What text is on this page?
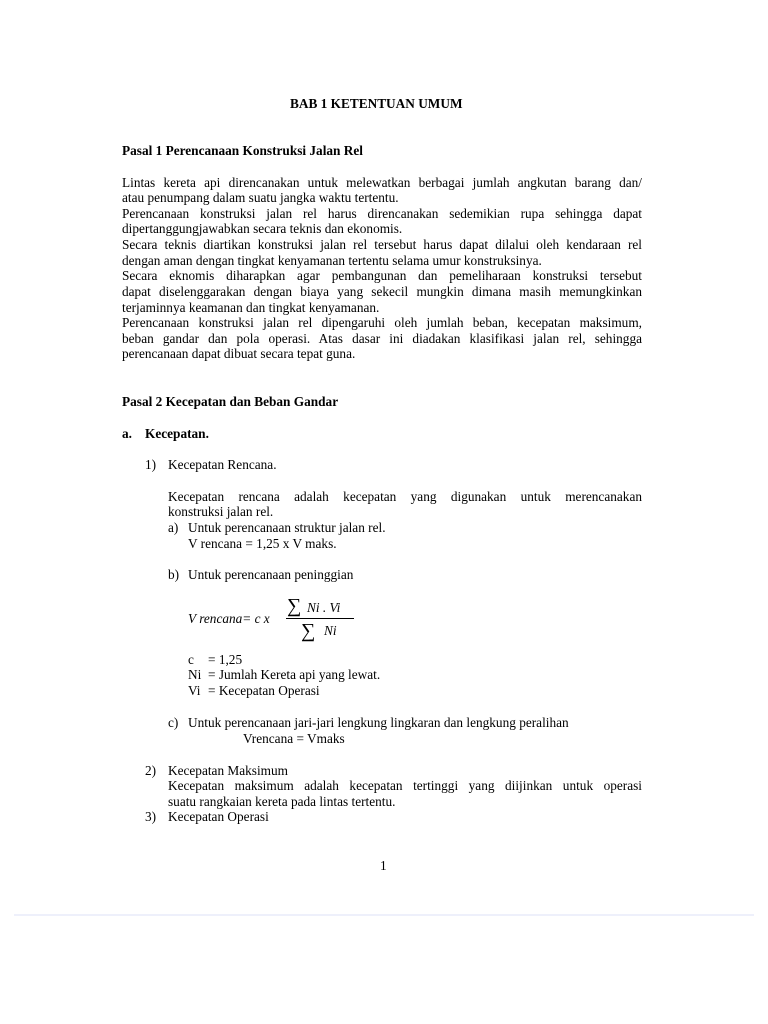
BAB 1 KETENTUAN UMUM
Pasal 1 Perencanaan Konstruksi Jalan Rel
Lintas kereta api direncanakan untuk melewatkan berbagai jumlah angkutan barang dan/
atau penumpang dalam suatu jangka waktu tertentu.
Perencanaan konstruksi jalan rel harus direncanakan sedemikian rupa sehingga dapat
dipertanggungjawabkan secara teknis dan ekonomis.
Secara teknis diartikan konstruksi jalan rel tersebut harus dapat dilalui oleh kendaraan rel
dengan aman dengan tingkat kenyamanan tertentu selama umur konstruksinya.
Secara eknomis diharapkan agar pembangunan dan pemeliharaan konstruksi tersebut
dapat diselenggarakan dengan biaya yang sekecil mungkin dimana masih memungkinkan
terjaminnya keamanan dan tingkat kenyamanan.
Perencanaan konstruksi jalan rel dipengaruhi oleh jumlah beban, kecepatan maksimum,
beban gandar dan pola operasi. Atas dasar ini diadakan klasifikasi jalan rel, sehingga
perencanaan dapat dibuat secara tepat guna.
Pasal 2 Kecepatan dan Beban Gandar
a. Kecepatan.
1) Kecepatan Rencana.
Kecepatan rencana adalah kecepatan yang digunakan untuk merencanakan
konstruksi jalan rel.
a) Untuk perencanaan struktur jalan rel.
V rencana = 1,25 x V maks.
b) Untuk perencanaan peninggian
V rencana= c x
∑ Ni . Vi
∑ Ni
c = 1,25
Ni = Jumlah Kereta api yang lewat.
Vi = Kecepatan Operasi
c) Untuk perencanaan jari-jari lengkung lingkaran dan lengkung peralihan
Vrencana = Vmaks
2) Kecepatan Maksimum
Kecepatan maksimum adalah kecepatan tertinggi yang diijinkan untuk operasi
suatu rangkaian kereta pada lintas tertentu.
3) Kecepatan Operasi
1
